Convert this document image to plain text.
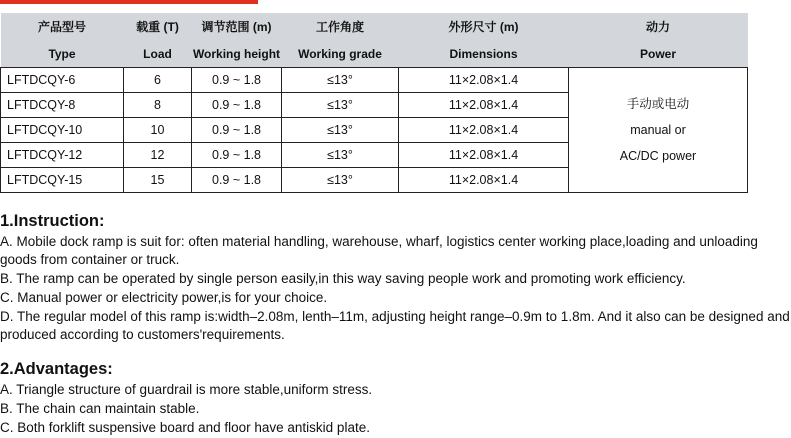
产品型号	载重 (T)	调节范围 (m)	工作角度	外形尺寸 (m)	动力
Type	Load	Working height	Working grade	Dimensions	Power
LFTDCQY-6	6	0.9 ~ 1.8	≤13°	11×2.08×1.4	手动或电动
manual or
AC/DC power

LFTDCQY-8	8	0.9 ~ 1.8	≤13°	11×2.08×1.4	
LFTDCQY-10	10	0.9 ~ 1.8	≤13°	11×2.08×1.4	
LFTDCQY-12	12	0.9 ~ 1.8	≤13°	11×2.08×1.4	
LFTDCQY-15	15	0.9 ~ 1.8	≤13°	11×2.08×1.4	
1.Instruction:

A. Mobile dock ramp is suit for: often material handling, warehouse, wharf, logistics center working place,loading and unloading goods from container or truck.

B. The ramp can be operated by single person easily,in this way saving people work and promoting work efficiency.

C. Manual power or electricity power,is for your choice.

D. The regular model of this ramp is:width–2.08m, lenth–11m, adjusting height range–0.9m to 1.8m. And it also can be designed and produced according to customers'requirements.

2.Advantages:

A. Triangle structure of guardrail is more stable,uniform stress.

B. The chain can maintain stable.

C. Both forklift suspensive board and floor have antiskid plate.
